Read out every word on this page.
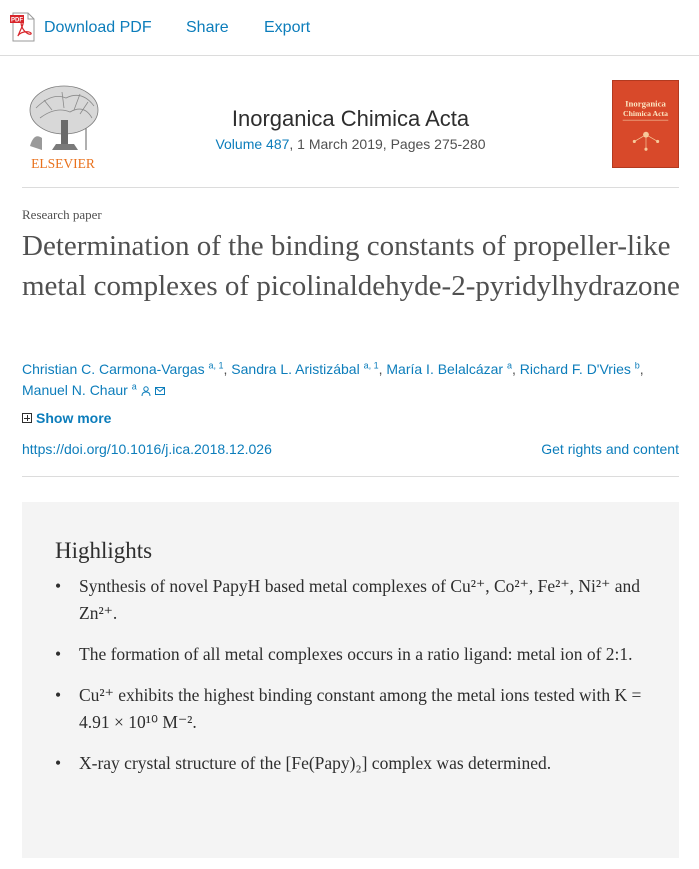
PDF Download PDF Share Export
ELSEVIER
Inorganica Chimica Acta
Volume 487, 1 March 2019, Pages 275-280
Inorganica
Chimica Acta
Research paper
Determination of the binding constants of propeller-like metal complexes of picolinaldehyde-2-pyridylhydrazone
Christian C. Carmona-Vargas $^{a, 1}$, Sandra L. Aristizábal $^{a, 1}$, María I. Belalcázar $^a$, Richard F. D'Vries $^b$,
Manuel N. Chaur $^a$
Show more
https://doi.org/10.1016/j.ica.2018.12.026	Get rights and content
Highlights
• Synthesis of novel PapyH based metal complexes of Cu²⁺, Co²⁺, Fe²⁺, Ni²⁺ and Zn²⁺.
• The formation of all metal complexes occurs in a ratio ligand: metal ion of 2:1.
• Cu²⁺ exhibits the highest binding constant among the metal ions tested with K = 4.91 × 10¹⁰ M⁻².
• X-ray crystal structure of the [Fe(Papy)₂] complex was determined.
